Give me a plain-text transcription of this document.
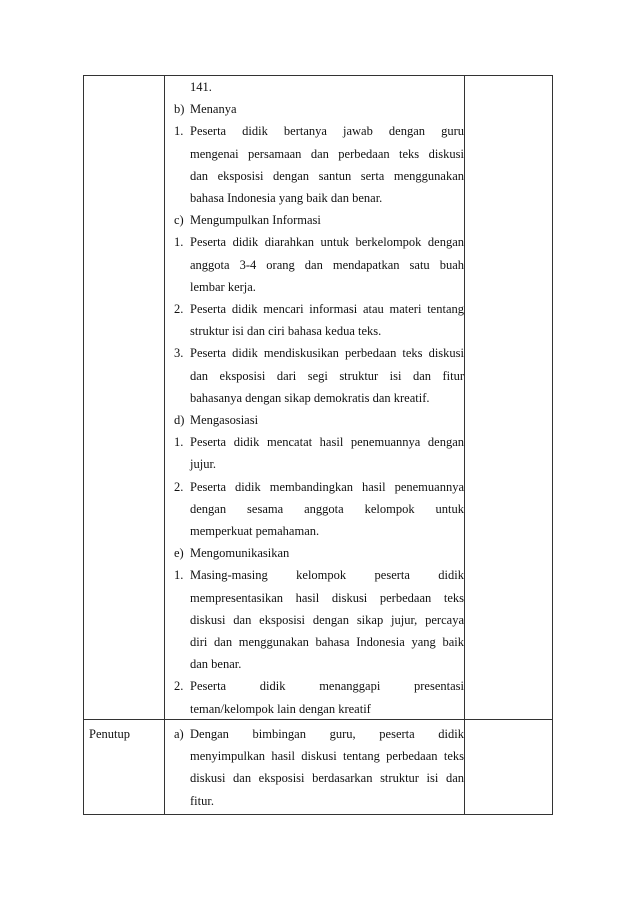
Penutup
141.
b) Menanya
1. Peserta didik bertanya jawab dengan guru
mengenai persamaan dan perbedaan teks diskusi
dan eksposisi dengan santun serta menggunakan
bahasa Indonesia yang baik dan benar.
c) Mengumpulkan Informasi
1. Peserta didik diarahkan untuk berkelompok dengan
anggota 3-4 orang dan mendapatkan satu buah
lembar kerja.
2. Peserta didik mencari informasi atau materi tentang
struktur isi dan ciri bahasa kedua teks.
3. Peserta didik mendiskusikan perbedaan teks diskusi
dan eksposisi dari segi struktur isi dan fitur
bahasanya dengan sikap demokratis dan kreatif.
d) Mengasosiasi
1. Peserta didik mencatat hasil penemuannya dengan
jujur.
2. Peserta didik membandingkan hasil penemuannya
dengan sesama anggota kelompok untuk
memperkuat pemahaman.
e) Mengomunikasikan
1. Masing-masing kelompok peserta didik
mempresentasikan hasil diskusi perbedaan teks
diskusi dan eksposisi dengan sikap jujur, percaya
diri dan menggunakan bahasa Indonesia yang baik
dan benar.
2. Peserta didik menanggapi presentasi
teman/kelompok lain dengan kreatif
a) Dengan bimbingan guru, peserta didik
menyimpulkan hasil diskusi tentang perbedaan teks
diskusi dan eksposisi berdasarkan struktur isi dan
fitur.
